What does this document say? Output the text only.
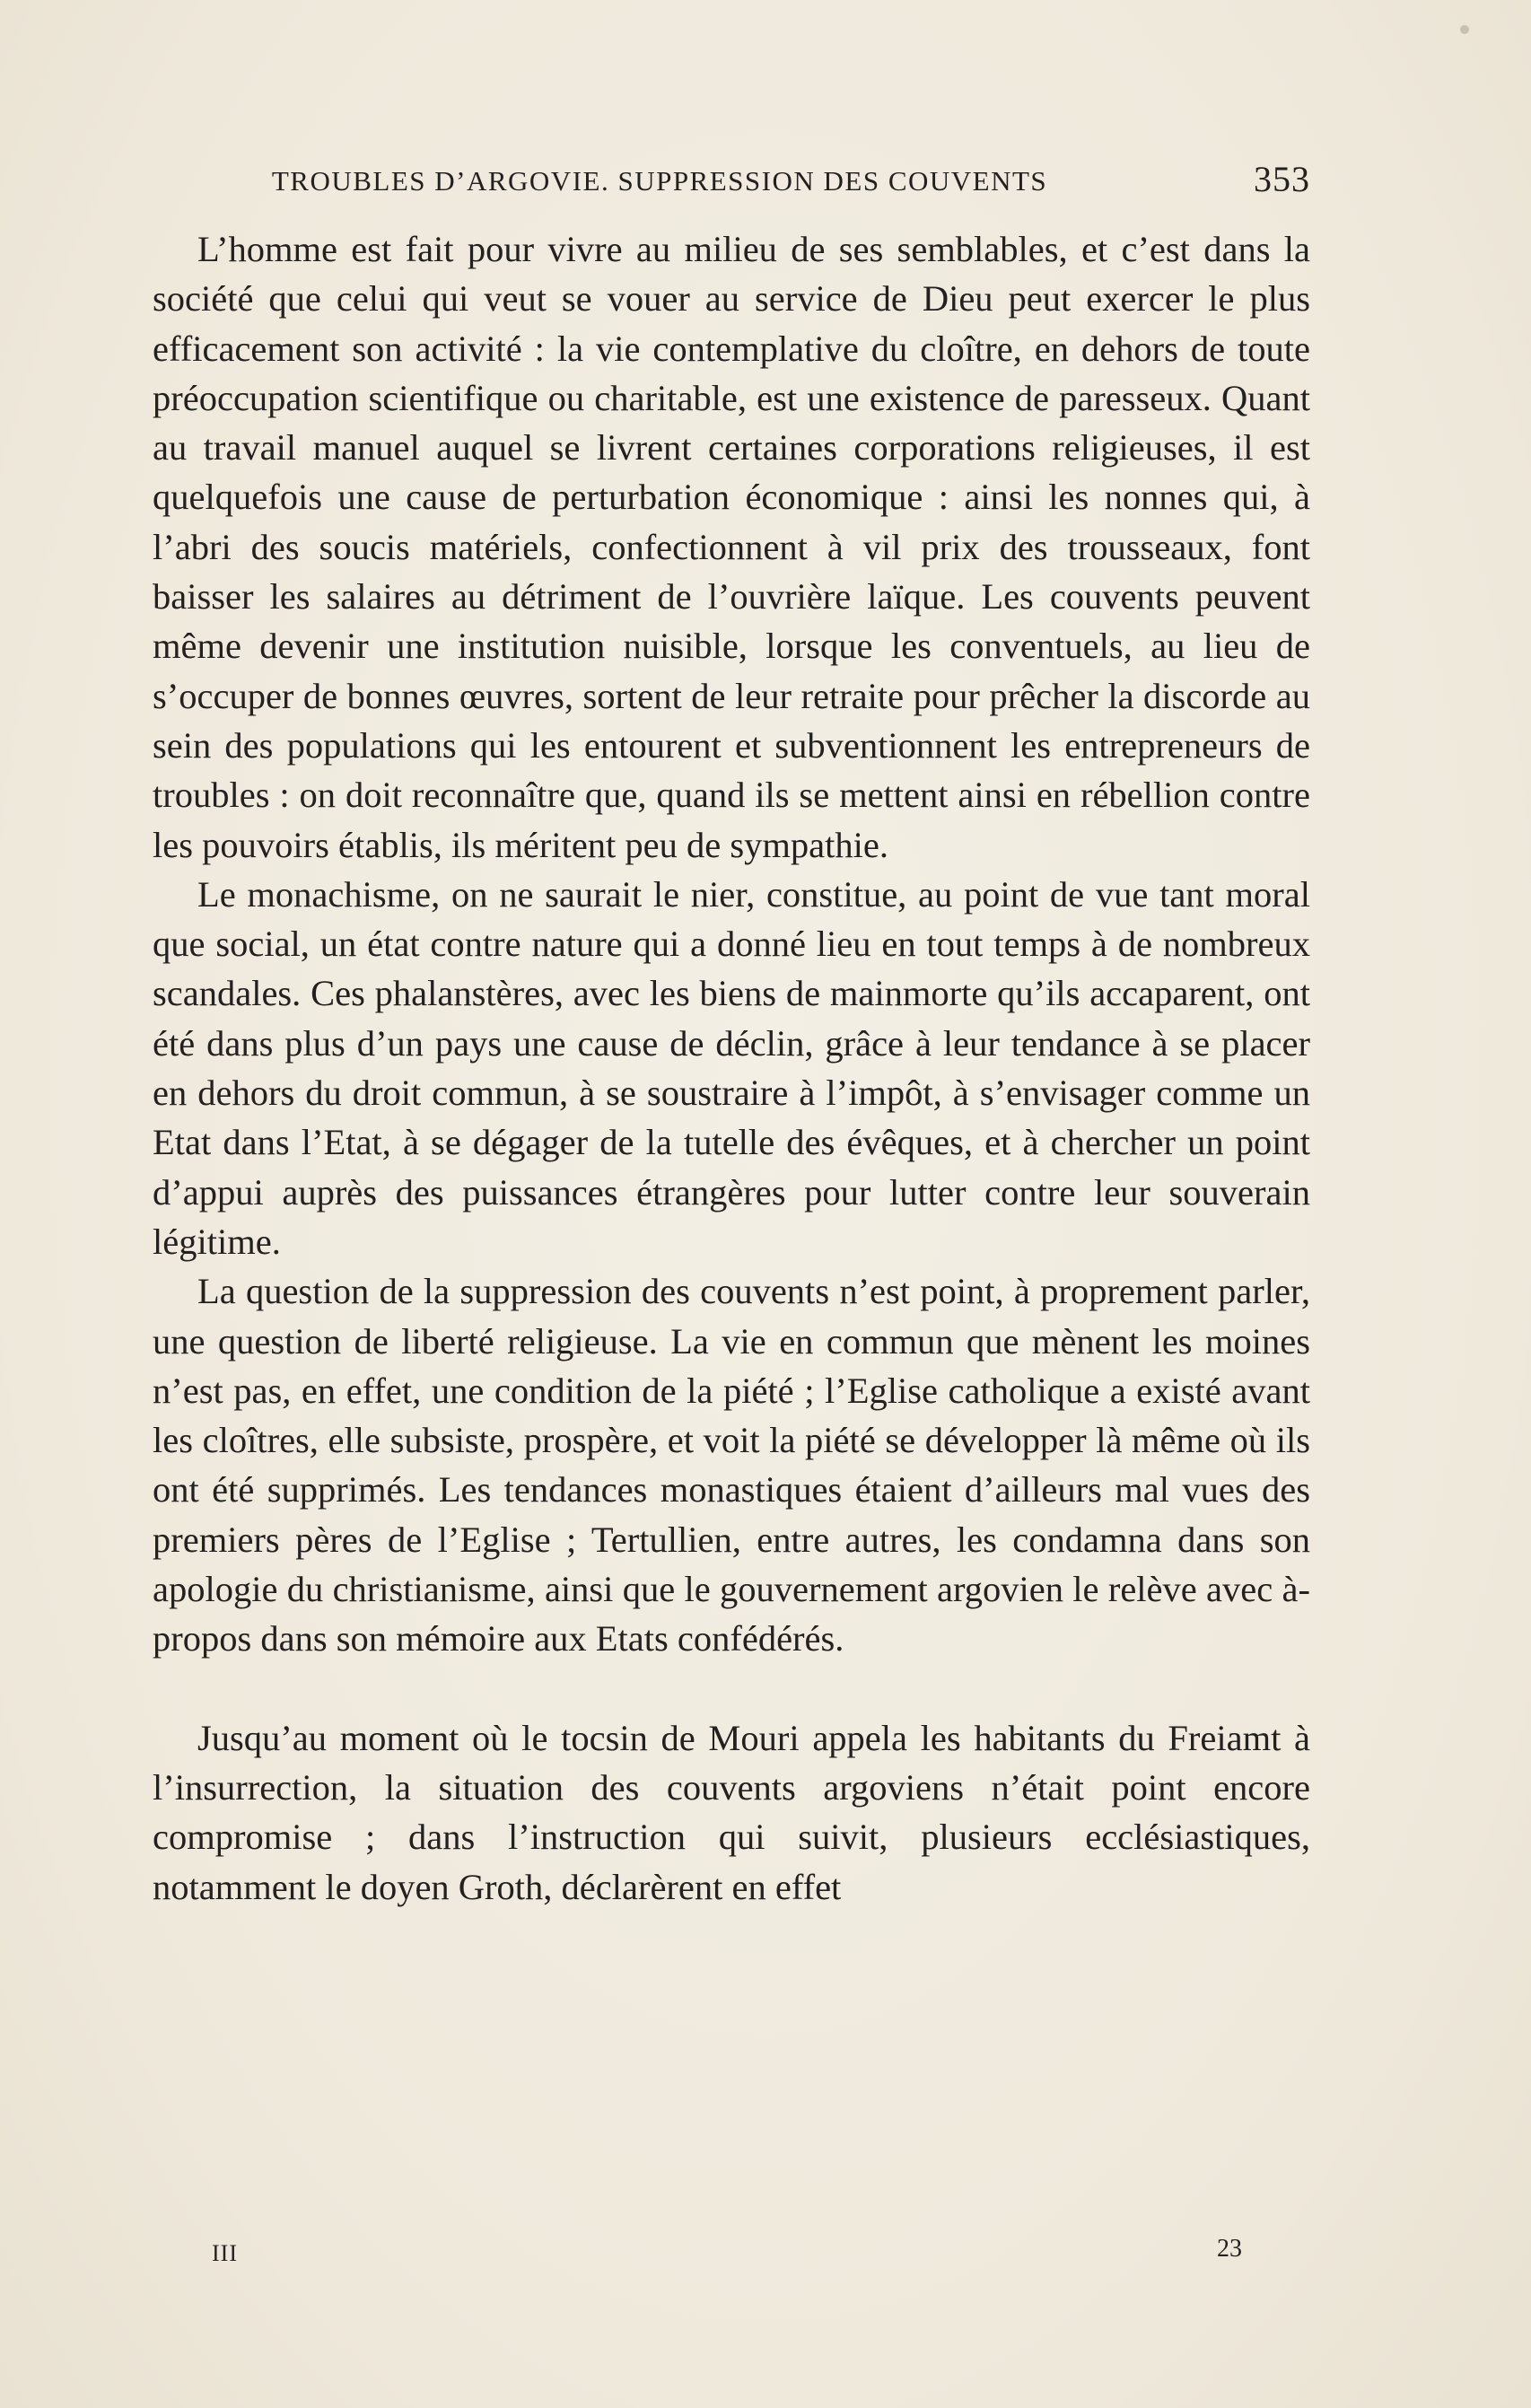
TROUBLES D’ARGOVIE. SUPPRESSION DES COUVENTS	353

L’homme est fait pour vivre au milieu de ses semblables, et c’est dans la société que celui qui veut se vouer au service de Dieu peut exercer le plus efficacement son activité : la vie contemplative du cloître, en dehors de toute préoccupation scientifique ou charitable, est une existence de paresseux. Quant au travail manuel auquel se livrent certaines corporations religieuses, il est quelquefois une cause de perturbation économique : ainsi les nonnes qui, à l’abri des soucis matériels, confectionnent à vil prix des trousseaux, font baisser les salaires au détriment de l’ouvrière laïque. Les couvents peuvent même devenir une institution nuisible, lorsque les conventuels, au lieu de s’occuper de bonnes œuvres, sortent de leur retraite pour prêcher la discorde au sein des populations qui les entourent et subventionnent les entrepreneurs de troubles : on doit reconnaître que, quand ils se mettent ainsi en rébellion contre les pouvoirs établis, ils méritent peu de sympathie.

Le monachisme, on ne saurait le nier, constitue, au point de vue tant moral que social, un état contre nature qui a donné lieu en tout temps à de nombreux scandales. Ces phalanstères, avec les biens de mainmorte qu’ils accaparent, ont été dans plus d’un pays une cause de déclin, grâce à leur tendance à se placer en dehors du droit commun, à se soustraire à l’impôt, à s’envisager comme un Etat dans l’Etat, à se dégager de la tutelle des évêques, et à chercher un point d’appui auprès des puissances étrangères pour lutter contre leur souverain légitime.

La question de la suppression des couvents n’est point, à proprement parler, une question de liberté religieuse. La vie en commun que mènent les moines n’est pas, en effet, une condition de la piété ; l’Eglise catholique a existé avant les cloîtres, elle subsiste, prospère, et voit la piété se développer là même où ils ont été supprimés. Les tendances monastiques étaient d’ailleurs mal vues des premiers pères de l’Eglise ; Tertullien, entre autres, les condamna dans son apologie du christianisme, ainsi que le gouvernement argovien le relève avec à-propos dans son mémoire aux Etats confédérés.

Jusqu’au moment où le tocsin de Mouri appela les habitants du Freiamt à l’insurrection, la situation des couvents argoviens n’était point encore compromise ; dans l’instruction qui suivit, plusieurs ecclésiastiques, notamment le doyen Groth, déclarèrent en effet

III	23
